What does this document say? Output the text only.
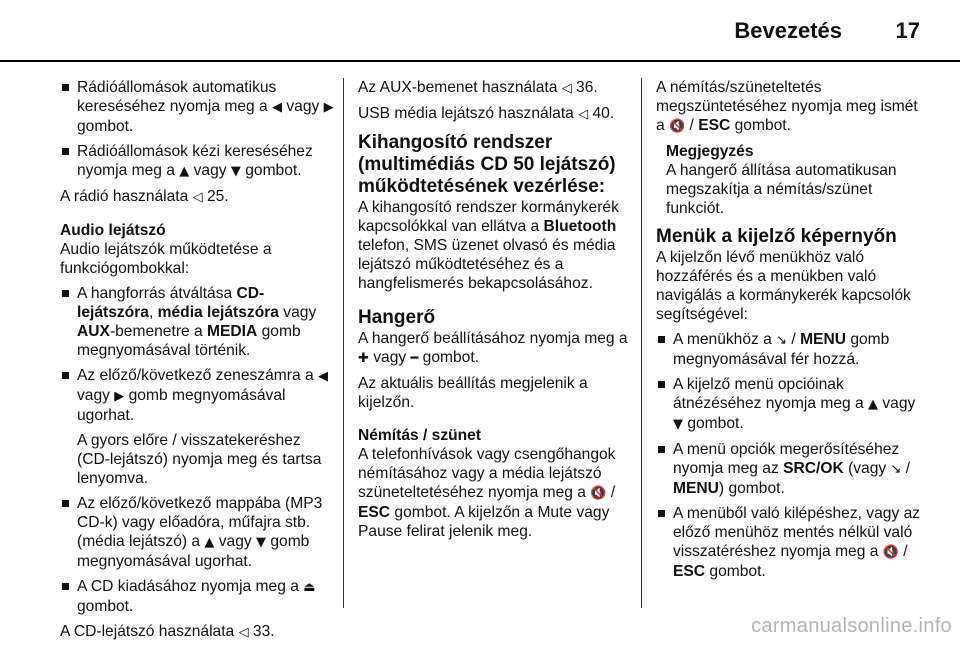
Bevezetés 17
Rádióállomások automatikus kereséséhez nyomja meg a ◀ vagy ▶ gombot.
Rádióállomások kézi kereséséhez nyomja meg a ▲ vagy ▼ gombot.

A rádió használata ◁ 25.

Audio lejátszó

Audio lejátszók működtetése a funkciógombokkal:

A hangforrás átváltása CD-lejátszóra, média lejátszóra vagy AUX-bemenetre a MEDIA gomb megnyomásával történik.
Az előző/következő zeneszámra a ◀ vagy ▶ gomb megnyomásával ugorhat.

A gyors előre / visszatekeréshez (CD-lejátszó) nyomja meg és tartsa lenyomva.

Az előző/következő mappába (MP3 CD-k) vagy előadóra, műfajra stb. (média lejátszó) a ▲ vagy ▼ gomb megnyomásával ugorhat.
A CD kiadásához nyomja meg a ⏏ gombot.

A CD-lejátszó használata ◁ 33.

Az AUX-bemenet használata ◁ 36.

USB média lejátszó használata ◁ 40.

Kihangosító rendszer (multimédiás CD 50 lejátszó) működtetésének vezérlése:

A kihangosító rendszer kormánykerék kapcsolókkal van ellátva a Bluetooth telefon, SMS üzenet olvasó és média lejátszó működtetéséhez és a hangfelismerés bekapcsolásához.

Hangerő

A hangerő beállításához nyomja meg a ✚ vagy ━ gombot.

Az aktuális beállítás megjelenik a kijelzőn.

Némítás / szünet

A telefonhívások vagy csengőhangok némításához vagy a média lejátszó szüneteltetéséhez nyomja meg a 🔇 / ESC gombot. A kijelzőn a Mute vagy Pause felirat jelenik meg.

A némítás/szüneteltetés megszüntetéséhez nyomja meg ismét a 🔇 / ESC gombot.

Megjegyzés
A hangerő állítása automatikusan megszakítja a némítás/szünet funkciót.

Menük a kijelző képernyőn

A kijelzőn lévő menükhöz való hozzáférés és a menükben való navigálás a kormánykerék kapcsolók segítségével:

A menükhöz a ↘ / MENU gomb megnyomásával fér hozzá.
A kijelző menü opcióinak átnézéséhez nyomja meg a ▲ vagy ▼ gombot.
A menü opciók megerősítéséhez nyomja meg az SRC/OK (vagy ↘ / MENU) gombot.
A menüből való kilépéshez, vagy az előző menühöz mentés nélkül való visszatéréshez nyomja meg a 🔇 / ESC gombot.
carmanualsonline.info
